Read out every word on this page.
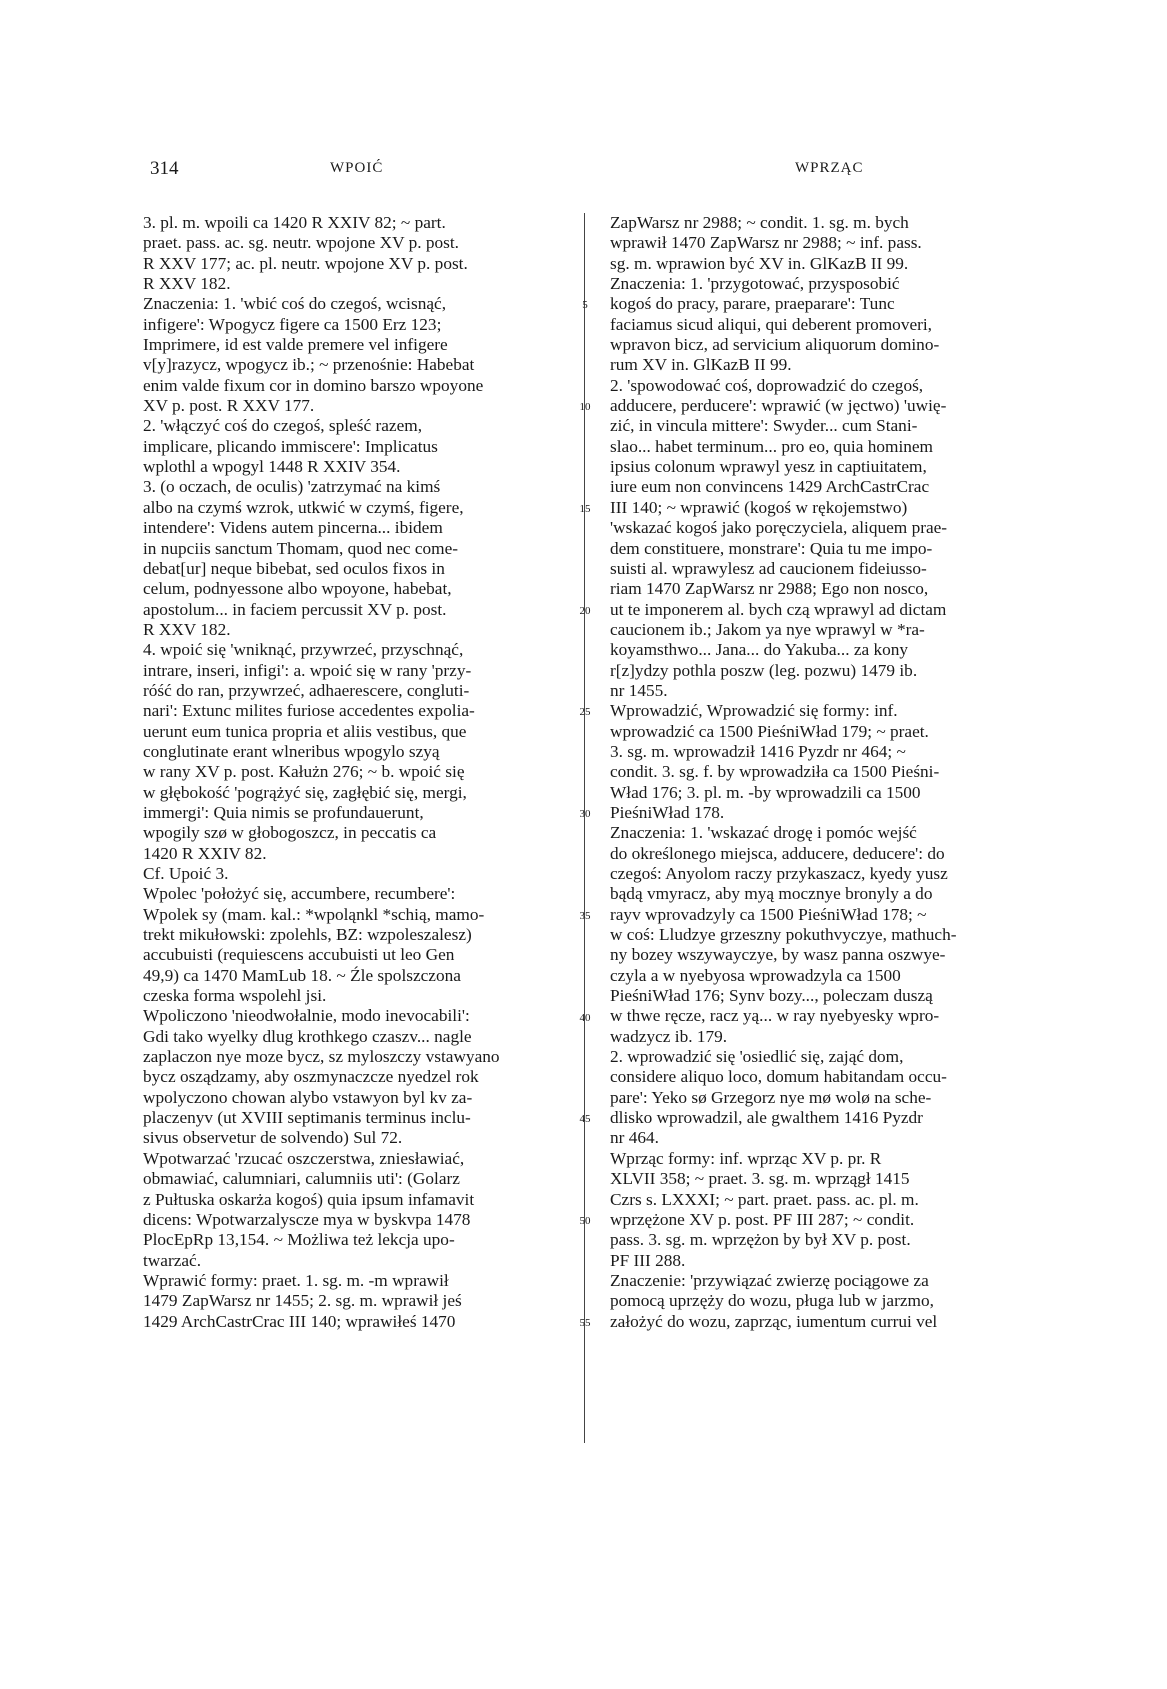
314	WPOIĆ	WPRZĄC
3. pl. m. wpoili ca 1420 R XXIV 82; ~ part.
praet. pass. ac. sg. neutr. wpojone XV p. post.
R XXV 177; ac. pl. neutr. wpojone XV p. post.
R XXV 182.
Znaczenia: 1. 'wbić coś do czegoś, wcisnąć,
infigere': Wpogycz figere ca 1500 Erz 123;
Imprimere, id est valde premere vel infigere
v[y]razycz, wpogycz ib.; ~ przenośnie: Habebat
enim valde fixum cor in domino barszo wpoyone
XV p. post. R XXV 177.
2. 'włączyć coś do czegoś, spleść razem,
implicare, plicando immiscere': Implicatus
wplothl a wpogyl 1448 R XXIV 354.
3. (o oczach, de oculis) 'zatrzymać na kimś
albo na czymś wzrok, utkwić w czymś, figere,
intendere': Videns autem pincerna... ibidem
in nupciis sanctum Thomam, quod nec come-
debat[ur] neque bibebat, sed oculos fixos in
celum, podnyessone albo wpoyone, habebat,
apostolum... in faciem percussit XV p. post.
R XXV 182.
4. wpoić się 'wniknąć, przywrzeć, przyschnąć,
intrare, inseri, infigi': a. wpoić się w rany 'przy-
róść do ran, przywrzeć, adhaerescere, congluti-
nari': Extunc milites furiose accedentes expolia-
uerunt eum tunica propria et aliis vestibus, que
conglutinate erant wlneribus wpogylo szyą
w rany XV p. post. Kałużn 276; ~ b. wpoić się
w głębokość 'pogrążyć się, zagłębić się, mergi,
immergi': Quia nimis se profundauerunt,
wpogily szø w głobogoszcz, in peccatis ca
1420 R XXIV 82.
Cf. Upoić 3.
Wpolec 'położyć się, accumbere, recumbere':
Wpolek sy (mam. kal.: *wpoląnkl *schią, mamo-
trekt mikułowski: zpolehls, BZ: wzpoleszalesz)
accubuisti (requiescens accubuisti ut leo Gen
49,9) ca 1470 MamLub 18. ~ Źle spolszczona
czeska forma wspolehl jsi.
Wpoliczono 'nieodwołalnie, modo inevocabili':
Gdi tako wyelky dlug krothkego czaszv... nagle
zaplaczon nye moze bycz, sz myloszczy vstawyano
bycz osządzamy, aby oszmynaczcze nyedzel rok
wpolyczono chowan alybo vstawyon byl kv za-
placzenyv (ut XVIII septimanis terminus inclu-
sivus observetur de solvendo) Sul 72.
Wpotwarzać 'rzucać oszczerstwa, zniesławiać,
obmawiać, calumniari, calumniis uti': (Golarz
z Pułtuska oskarża kogoś) quia ipsum infamavit
dicens: Wpotwarzalyscze mya w byskvpa 1478
PlocEpRp 13,154. ~ Możliwa też lekcja upo-
twarzać.
Wprawić formy: praet. 1. sg. m. -m wprawił
1479 ZapWarsz nr 1455; 2. sg. m. wprawił jeś
1429 ArchCastrCrac III 140; wprawiłeś 1470
5
10
15
20
25
30
35
40
45
50
55
ZapWarsz nr 2988; ~ condit. 1. sg. m. bych
wprawił 1470 ZapWarsz nr 2988; ~ inf. pass.
sg. m. wprawion być XV in. GlKazB II 99.
Znaczenia: 1. 'przygotować, przysposobić
kogoś do pracy, parare, praeparare': Tunc
faciamus sicud aliqui, qui deberent promoveri,
wpravon bicz, ad servicium aliquorum domino-
rum XV in. GlKazB II 99.
2. 'spowodować coś, doprowadzić do czegoś,
adducere, perducere': wprawić (w jęctwo) 'uwię-
zić, in vincula mittere': Swyder... cum Stani-
slao... habet terminum... pro eo, quia hominem
ipsius colonum wprawyl yesz in captiuitatem,
iure eum non convincens 1429 ArchCastrCrac
III 140; ~ wprawić (kogoś w rękojemstwo)
'wskazać kogoś jako poręczyciela, aliquem prae-
dem constituere, monstrare': Quia tu me impo-
suisti al. wprawylesz ad caucionem fideiusso-
riam 1470 ZapWarsz nr 2988; Ego non nosco,
ut te imponerem al. bych czą wprawyl ad dictam
caucionem ib.; Jakom ya nye wprawyl w *ra-
koyamsthwo... Jana... do Yakuba... za kony
r[z]ydzy pothla poszw (leg. pozwu) 1479 ib.
nr 1455.
Wprowadzić, Wprowadzić się formy: inf.
wprowadzić ca 1500 PieśniWład 179; ~ praet.
3. sg. m. wprowadził 1416 Pyzdr nr 464; ~
condit. 3. sg. f. by wprowadziła ca 1500 Pieśni-
Wład 176; 3. pl. m. -by wprowadzili ca 1500
PieśniWład 178.
Znaczenia: 1. 'wskazać drogę i pomóc wejść
do określonego miejsca, adducere, deducere': do
czegoś: Anyolom raczy przykaszacz, kyedy yusz
bądą vmyracz, aby myą mocznye bronyly a do
rayv wprovadzyly ca 1500 PieśniWład 178; ~
w coś: Lludzye grzeszny pokuthvyczye, mathuch-
ny bozey wszywayczye, by wasz panna oszwye-
czyla a w nyebyosa wprowadzyla ca 1500
PieśniWład 176; Synv bozy..., poleczam duszą
w thwe ręcze, racz yą... w ray nyebyesky wpro-
wadzycz ib. 179.
2. wprowadzić się 'osiedlić się, zająć dom,
considere aliquo loco, domum habitandam occu-
pare': Yeko sø Grzegorz nye mø wolø na sche-
dlisko wprowadzil, ale gwalthem 1416 Pyzdr
nr 464.
Wprząc formy: inf. wprząc XV p. pr. R
XLVII 358; ~ praet. 3. sg. m. wprzągł 1415
Czrs s. LXXXI; ~ part. praet. pass. ac. pl. m.
wprzężone XV p. post. PF III 287; ~ condit.
pass. 3. sg. m. wprzężon by był XV p. post.
PF III 288.
Znaczenie: 'przywiązać zwierzę pociągowe za
pomocą uprzęży do wozu, pługa lub w jarzmo,
założyć do wozu, zaprząc, iumentum currui vel
